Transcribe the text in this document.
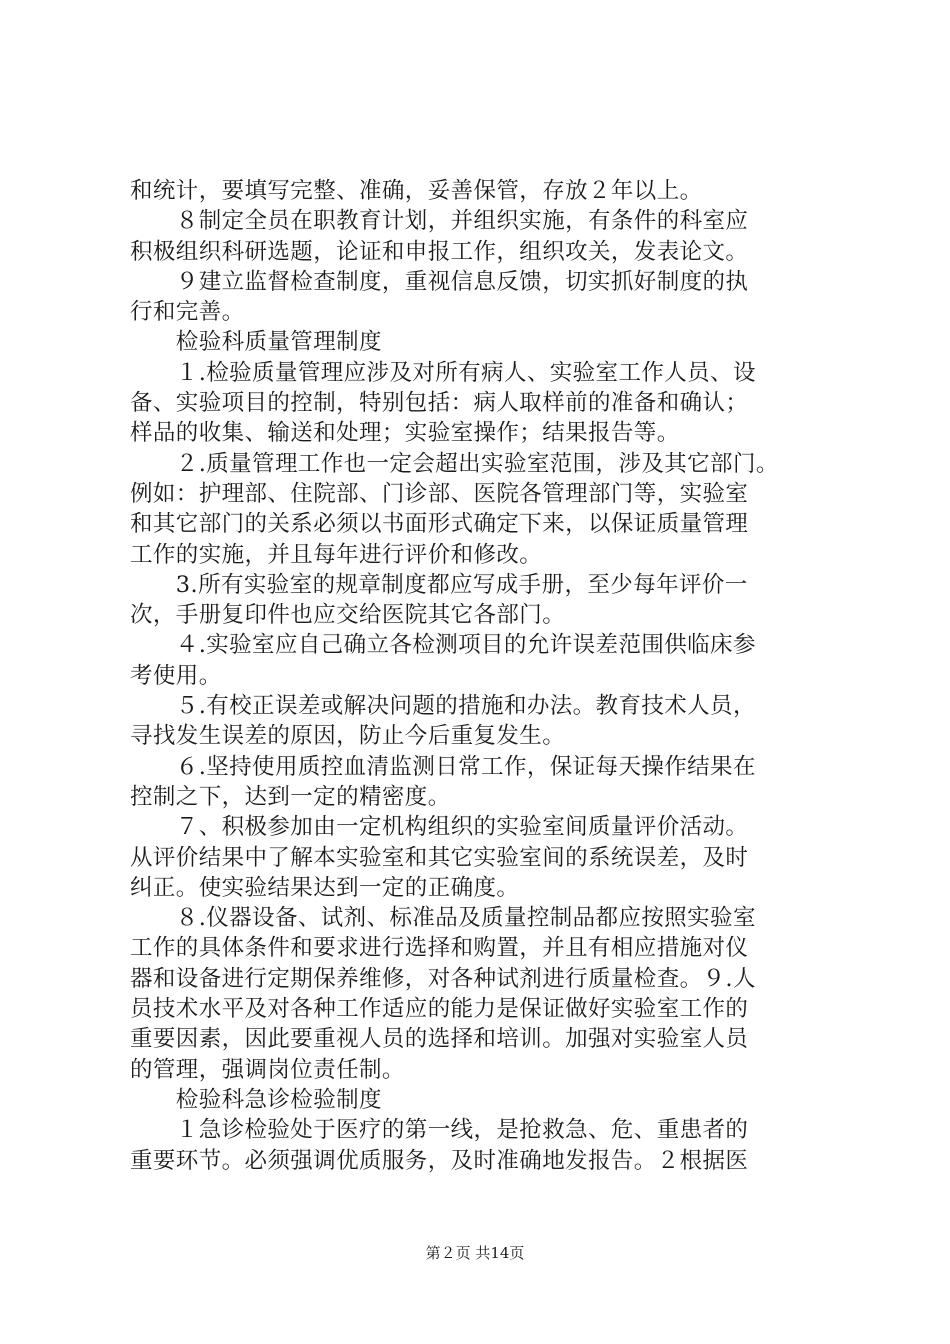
和统计，要填写完整、准确，妥善保管，存放２年以上。
　　８制定全员在职教育计划，并组织实施，有条件的科室应
积极组织科研选题，论证和申报工作，组织攻关，发表论文。
　　９建立监督检查制度，重视信息反馈，切实抓好制度的执
行和完善。
　　检验科质量管理制度
　　１.检验质量管理应涉及对所有病人、实验室工作人员、设
备、实验项目的控制，特别包括：病人取样前的准备和确认；
样品的收集、输送和处理；实验室操作；结果报告等。
　　２.质量管理工作也一定会超出实验室范围，涉及其它部门。
例如：护理部、住院部、门诊部、医院各管理部门等，实验室
和其它部门的关系必须以书面形式确定下来，以保证质量管理
工作的实施，并且每年进行评价和修改。
　　3.所有实验室的规章制度都应写成手册，至少每年评价一
次，手册复印件也应交给医院其它各部门。
　　４.实验室应自己确立各检测项目的允许误差范围供临床参
考使用。
　　５.有校正误差或解决问题的措施和办法。教育技术人员，
寻找发生误差的原因，防止今后重复发生。
　　６.坚持使用质控血清监测日常工作，保证每天操作结果在
控制之下，达到一定的精密度。
　　７、积极参加由一定机构组织的实验室间质量评价活动。
从评价结果中了解本实验室和其它实验室间的系统误差，及时
纠正。使实验结果达到一定的正确度。
　　８.仪器设备、试剂、标准品及质量控制品都应按照实验室
工作的具体条件和要求进行选择和购置，并且有相应措施对仪
器和设备进行定期保养维修，对各种试剂进行质量检查。９.人
员技术水平及对各种工作适应的能力是保证做好实验室工作的
重要因素，因此要重视人员的选择和培训。加强对实验室人员
的管理，强调岗位责任制。
　　检验科急诊检验制度
　　１急诊检验处于医疗的第一线，是抢救急、危、重患者的
重要环节。必须强调优质服务，及时准确地发报告。２根据医
第２页 共14页
